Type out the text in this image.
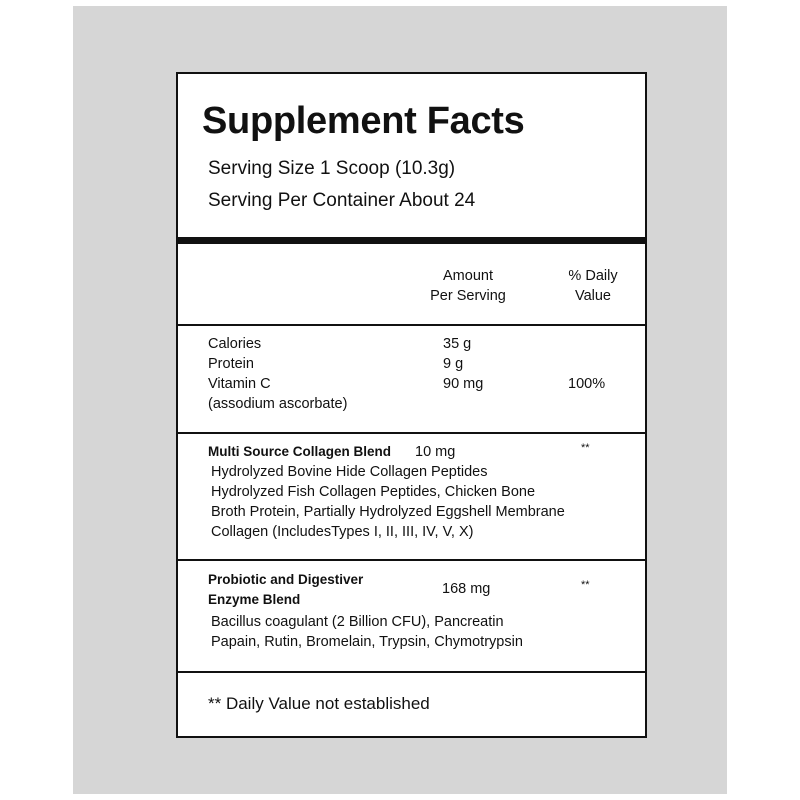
Supplement Facts
Serving Size 1 Scoop (10.3g)
Serving Per Container About 24
Amount
Per Serving
% Daily
Value
Calories	35 g
Protein	9 g
Vitamin C	90 mg	100%
(assodium ascorbate)
Multi Source Collagen Blend 10 mg	**
Hydrolyzed Bovine Hide Collagen Peptides
Hydrolyzed Fish Collagen Peptides, Chicken Bone
Broth Protein, Partially Hydrolyzed Eggshell Membrane
Collagen (IncludesTypes I, II, III, IV, V, X)
Probiotic and Digestiver
Enzyme Blend
168 mg	**
Bacillus coagulant (2 Billion CFU), Pancreatin
Papain, Rutin, Bromelain, Trypsin, Chymotrypsin
** Daily Value not established
